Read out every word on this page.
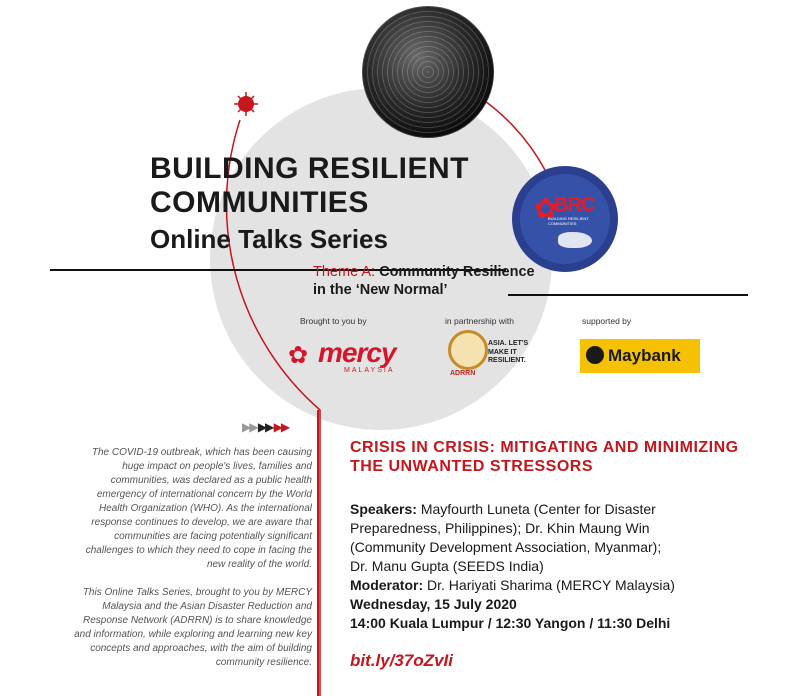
✿
BRC
BUILDING RESILIENT COMMUNITIES
BUILDING RESILIENT
COMMUNITIES
Online Talks Series
Theme A: Community Resilience
in the ‘New Normal’
Brought to you by	in partnership with	supported by
✿ mercy
MALAYSIA
ASIA. LET'S MAKE IT RESILIENT.
ADRRN
Maybank
▶▶ ▶▶ ▶▶

The COVID-19 outbreak, which has been causing huge impact on people's lives, families and communities, was declared as a public health emergency of international concern by the World Health Organization (WHO). As the international response continues to develop, we are aware that communities are facing potentially significant challenges to which they need to cope in facing the new reality of the world.

This Online Talks Series, brought to you by MERCY Malaysia and the Asian Disaster Reduction and Response Network (ADRRN) is to share knowledge and information, while exploring and learning new key concepts and approaches, with the aim of building community resilience.

CRISIS IN CRISIS: MITIGATING AND MINIMIZING THE UNWANTED STRESSORS
Speakers: Mayfourth Luneta (Center for Disaster
Preparedness, Philippines); Dr. Khin Maung Win
(Community Development Association, Myanmar);
Dr. Manu Gupta (SEEDS India)
Moderator: Dr. Hariyati Sharima (MERCY Malaysia)
Wednesday, 15 July 2020
14:00 Kuala Lumpur / 12:30 Yangon / 11:30 Delhi
bit.ly/37oZvIi
